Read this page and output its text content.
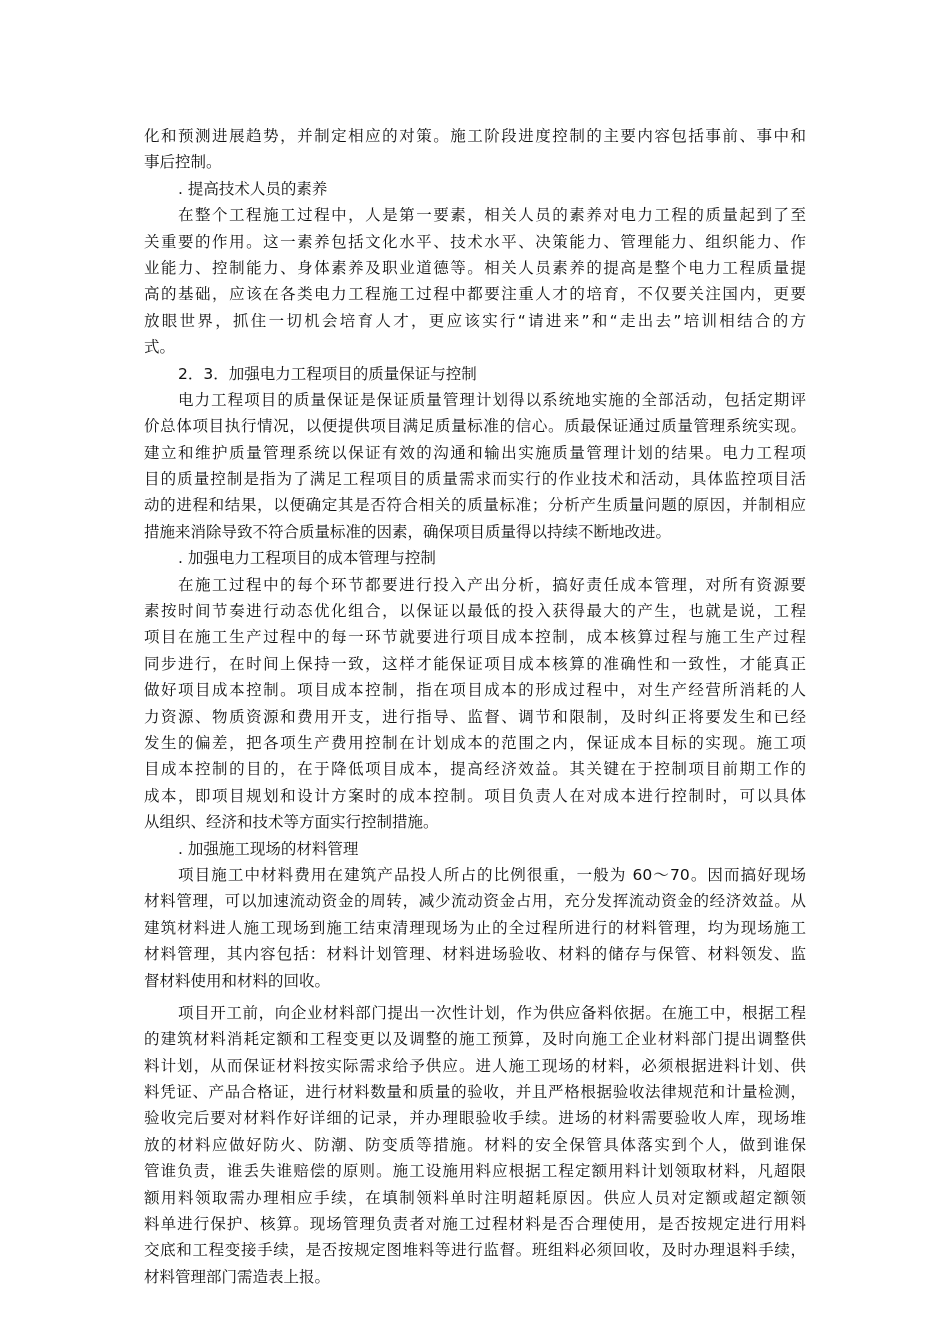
化和预测进展趋势，并制定相应的对策。施工阶段进度控制的主要内容包括事前、事中和
事后控制。
. 提高技术人员的素养
在整个工程施工过程中，人是第一要素，相关人员的素养对电力工程的质量起到了至
关重要的作用。这一素养包括文化水平、技术水平、决策能力、管理能力、组织能力、作
业能力、控制能力、身体素养及职业道德等。相关人员素养的提高是整个电力工程质量提
高的基础，应该在各类电力工程施工过程中都要注重人才的培育，不仅要关注国内，更要
放眼世界，抓住一切机会培育人才，更应该实行“请进来”和“走出去”培训相结合的方
式。
2．3．加强电力工程项目的质量保证与控制
电力工程项目的质量保证是保证质量管理计划得以系统地实施的全部活动，包括定期评
价总体项目执行情况，以便提供项目满足质量标准的信心。质最保证通过质量管理系统实现。
建立和维护质量管理系统以保证有效的沟通和输出实施质量管理计划的结果。电力工程项
目的质量控制是指为了满足工程项目的质量需求而实行的作业技术和活动，具体监控项目活
动的进程和结果，以便确定其是否符合相关的质量标准；分析产生质量问题的原因，并制相应
措施来消除导致不符合质量标准的因素，确保项目质量得以持续不断地改进。
. 加强电力工程项目的成本管理与控制
在施工过程中的每个环节都要进行投入产出分析，搞好责任成本管理，对所有资源要
素按时间节奏进行动态优化组合，以保证以最低的投入获得最大的产生，也就是说，工程
项目在施工生产过程中的每一环节就要进行项目成本控制，成本核算过程与施工生产过程
同步进行，在时间上保持一致，这样才能保证项目成本核算的准确性和一致性，才能真正
做好项目成本控制。项目成本控制，指在项目成本的形成过程中，对生产经营所消耗的人
力资源、物质资源和费用开支，进行指导、监督、调节和限制，及时纠正将要发生和已经
发生的偏差，把各项生产费用控制在计划成本的范围之内，保证成本目标的实现。施工项
目成本控制的目的，在于降低项目成本，提高经济效益。其关键在于控制项目前期工作的
成本，即项目规划和设计方案时的成本控制。项目负责人在对成本进行控制时，可以具体
从组织、经济和技术等方面实行控制措施。
. 加强施工现场的材料管理
项目施工中材料费用在建筑产品投人所占的比例很重，一般为 60～70。因而搞好现场
材料管理，可以加速流动资金的周转，减少流动资金占用，充分发挥流动资金的经济效益。从
建筑材料进人施工现场到施工结束清理现场为止的全过程所进行的材料管理，均为现场施工
材料管理，其内容包括：材料计划管理、材料进场验收、材料的储存与保管、材料领发、监
督材料使用和材料的回收。
项目开工前，向企业材料部门提出一次性计划，作为供应备料依据。在施工中，根据工程
的建筑材料消耗定额和工程变更以及调整的施工预算，及时向施工企业材料部门提出调整供
料计划，从而保证材料按实际需求给予供应。进人施工现场的材料，必须根据进料计划、供
料凭证、产品合格证，进行材料数量和质量的验收，并且严格根据验收法律规范和计量检测，
验收完后要对材料作好详细的记录，并办理眼验收手续。进场的材料需要验收人库，现场堆
放的材料应做好防火、防潮、防变质等措施。材料的安全保管具体落实到个人，做到谁保
管谁负责，谁丢失谁赔偿的原则。施工设施用料应根据工程定额用料计划领取材料，凡超限
额用料领取需办理相应手续，在填制领料单时注明超耗原因。供应人员对定额或超定额领
料单进行保护、核算。现场管理负责者对施工过程材料是否合理使用，是否按规定进行用料
交底和工程变接手续，是否按规定图堆料等进行监督。班组料必须回收，及时办理退料手续，
材料管理部门需造表上报。
